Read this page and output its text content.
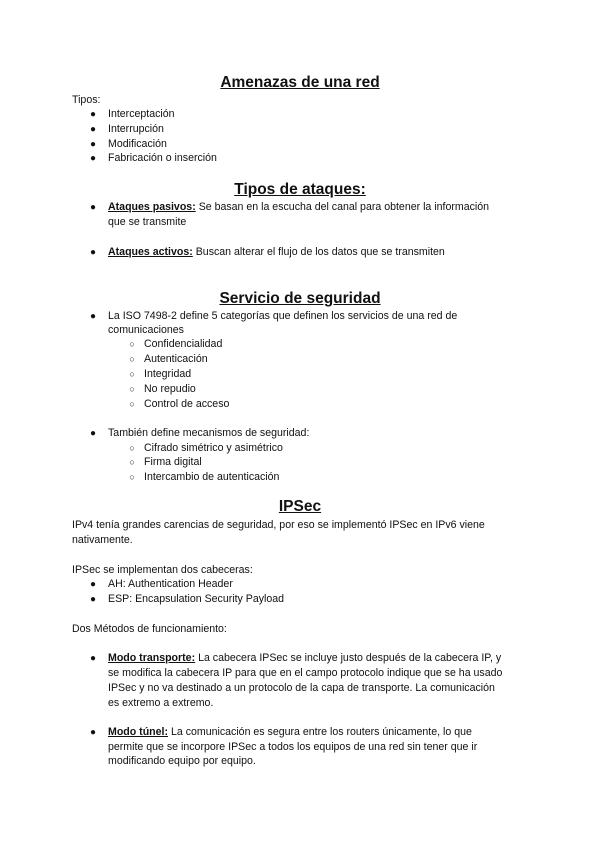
Amenazas de una red

Tipos:

● Interceptación
● Interrupción
● Modificación
● Fabricación o inserción
Tipos de ataques:
● Ataques pasivos: Se basan en la escucha del canal para obtener la información
que se transmite
● Ataques activos: Buscan alterar el flujo de los datos que se transmiten
Servicio de seguridad
● La ISO 7498-2 define 5 categorías que definen los servicios de una red de
comunicaciones
○ Confidencialidad
○ Autenticación
○ Integridad
○ No repudio
○ Control de acceso
● También define mecanismos de seguridad:
○ Cifrado simétrico y asimétrico
○ Firma digital
○ Intercambio de autenticación
IPSec

IPv4 tenía grandes carencias de seguridad, por eso se implementó IPSec en IPv6 viene

nativamente.

IPSec se implementan dos cabeceras:

● AH: Authentication Header
● ESP: Encapsulation Security Payload

Dos Métodos de funcionamiento:

● Modo transporte: La cabecera IPSec se incluye justo después de la cabecera IP, y
se modifica la cabecera IP para que en el campo protocolo indique que se ha usado
IPSec y no va destinado a un protocolo de la capa de transporte. La comunicación
es extremo a extremo.
● Modo túnel: La comunicación es segura entre los routers únicamente, lo que
permite que se incorpore IPSec a todos los equipos de una red sin tener que ir
modificando equipo por equipo.
